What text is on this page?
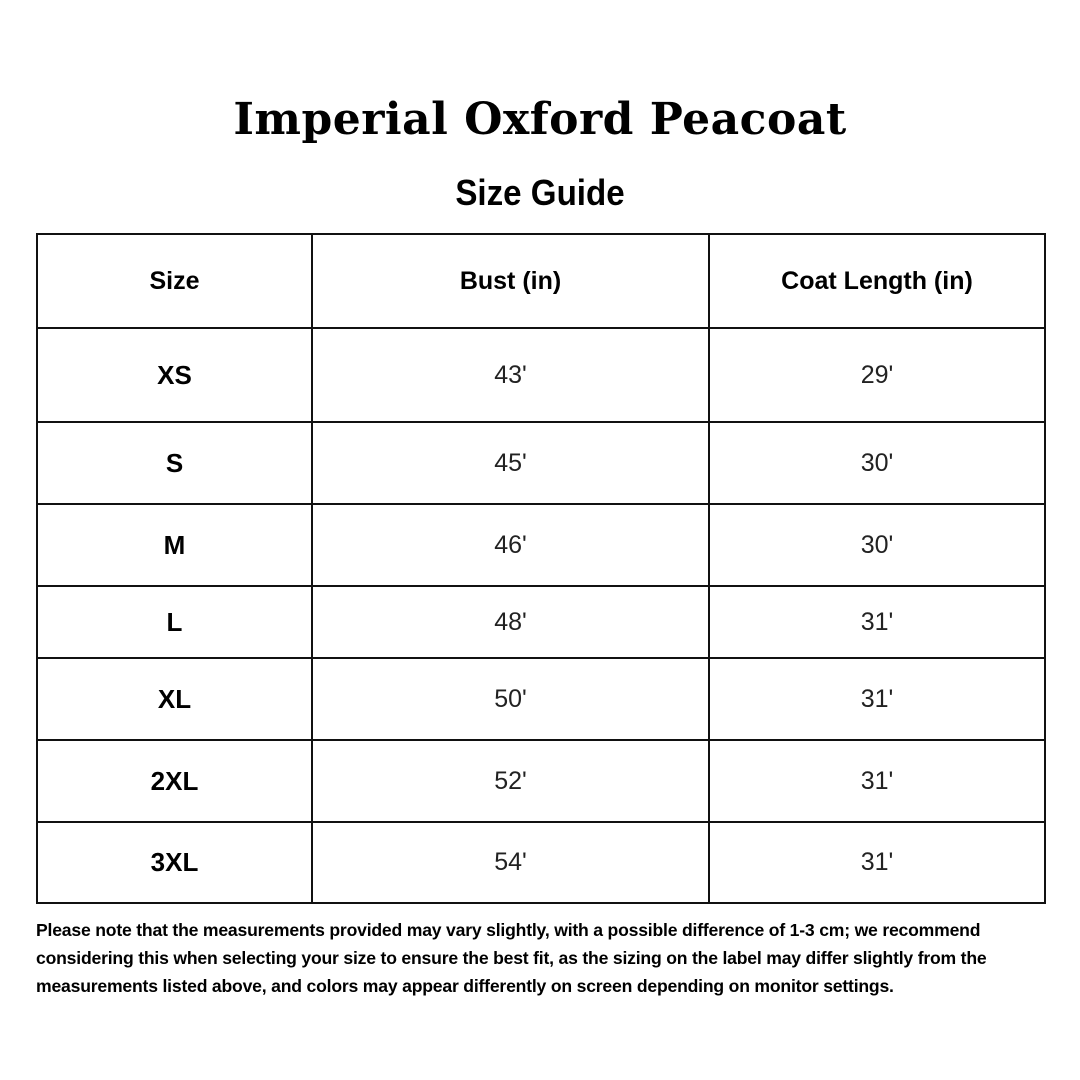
Imperial Oxford Peacoat
Size Guide
Size	Bust (in)	Coat Length (in)
XS	43'	29'
S	45'	30'
M	46'	30'
L	48'	31'
XL	50'	31'
2XL	52'	31'
3XL	54'	31'
Please note that the measurements provided may vary slightly, with a possible difference of 1-3 cm; we recommend considering this when selecting your size to ensure the best fit, as the sizing on the label may differ slightly from the measurements listed above, and colors may appear differently on screen depending on monitor settings.
